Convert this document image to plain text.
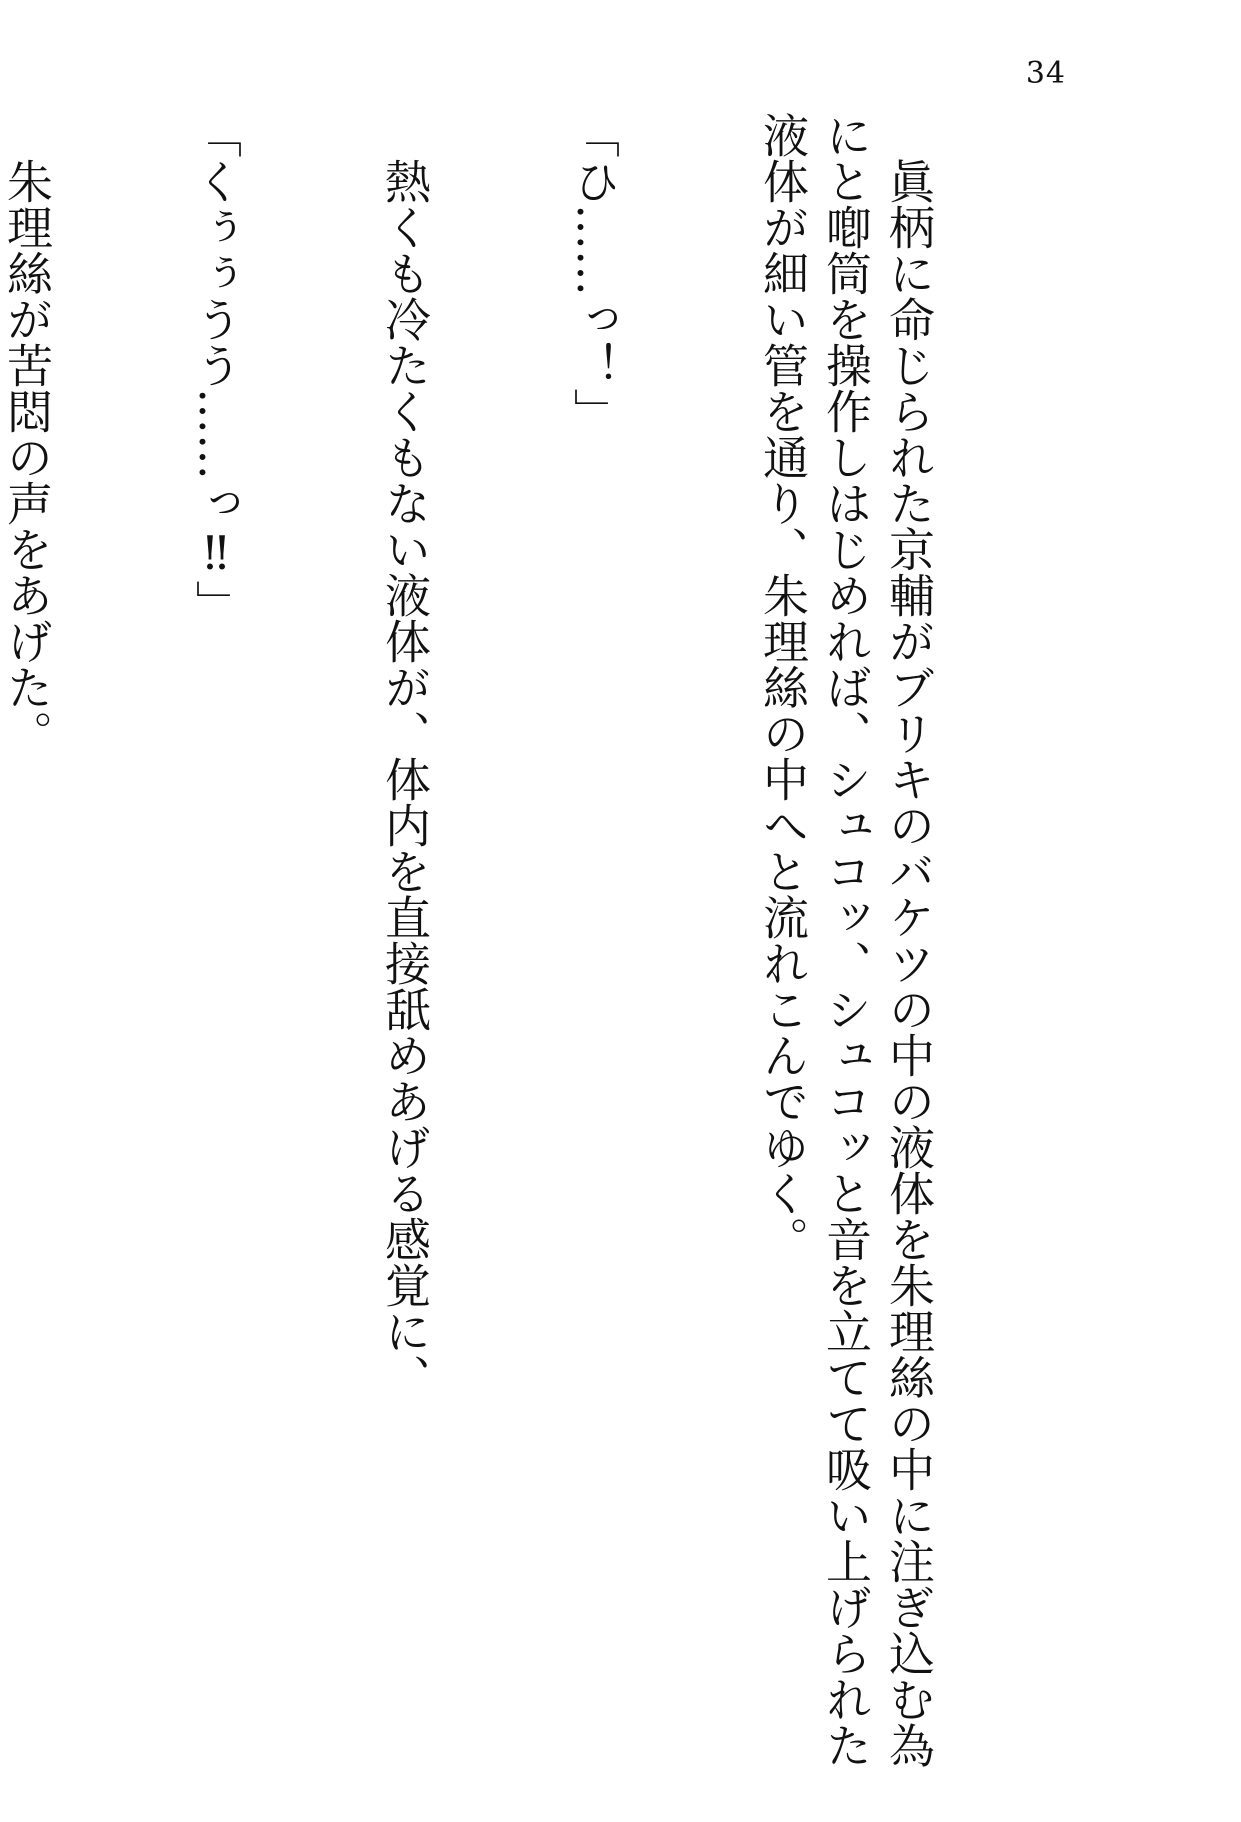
34

　眞柄に命じられた京輔がブリキのバケツの中の液体を朱理絲の中に注ぎ込む為
にと喞筒を操作しはじめれば、シュコッ、シュコッと音を立てて吸い上げられた
液体が細い管を通り、朱理絲の中へと流れこんでゆく。

「ひ……っ！」

　熱くも冷たくもない液体が、体内を直接舐めあげる感覚に、

「くぅぅうう……っ‼」

　朱理絲が苦悶の声をあげた。
